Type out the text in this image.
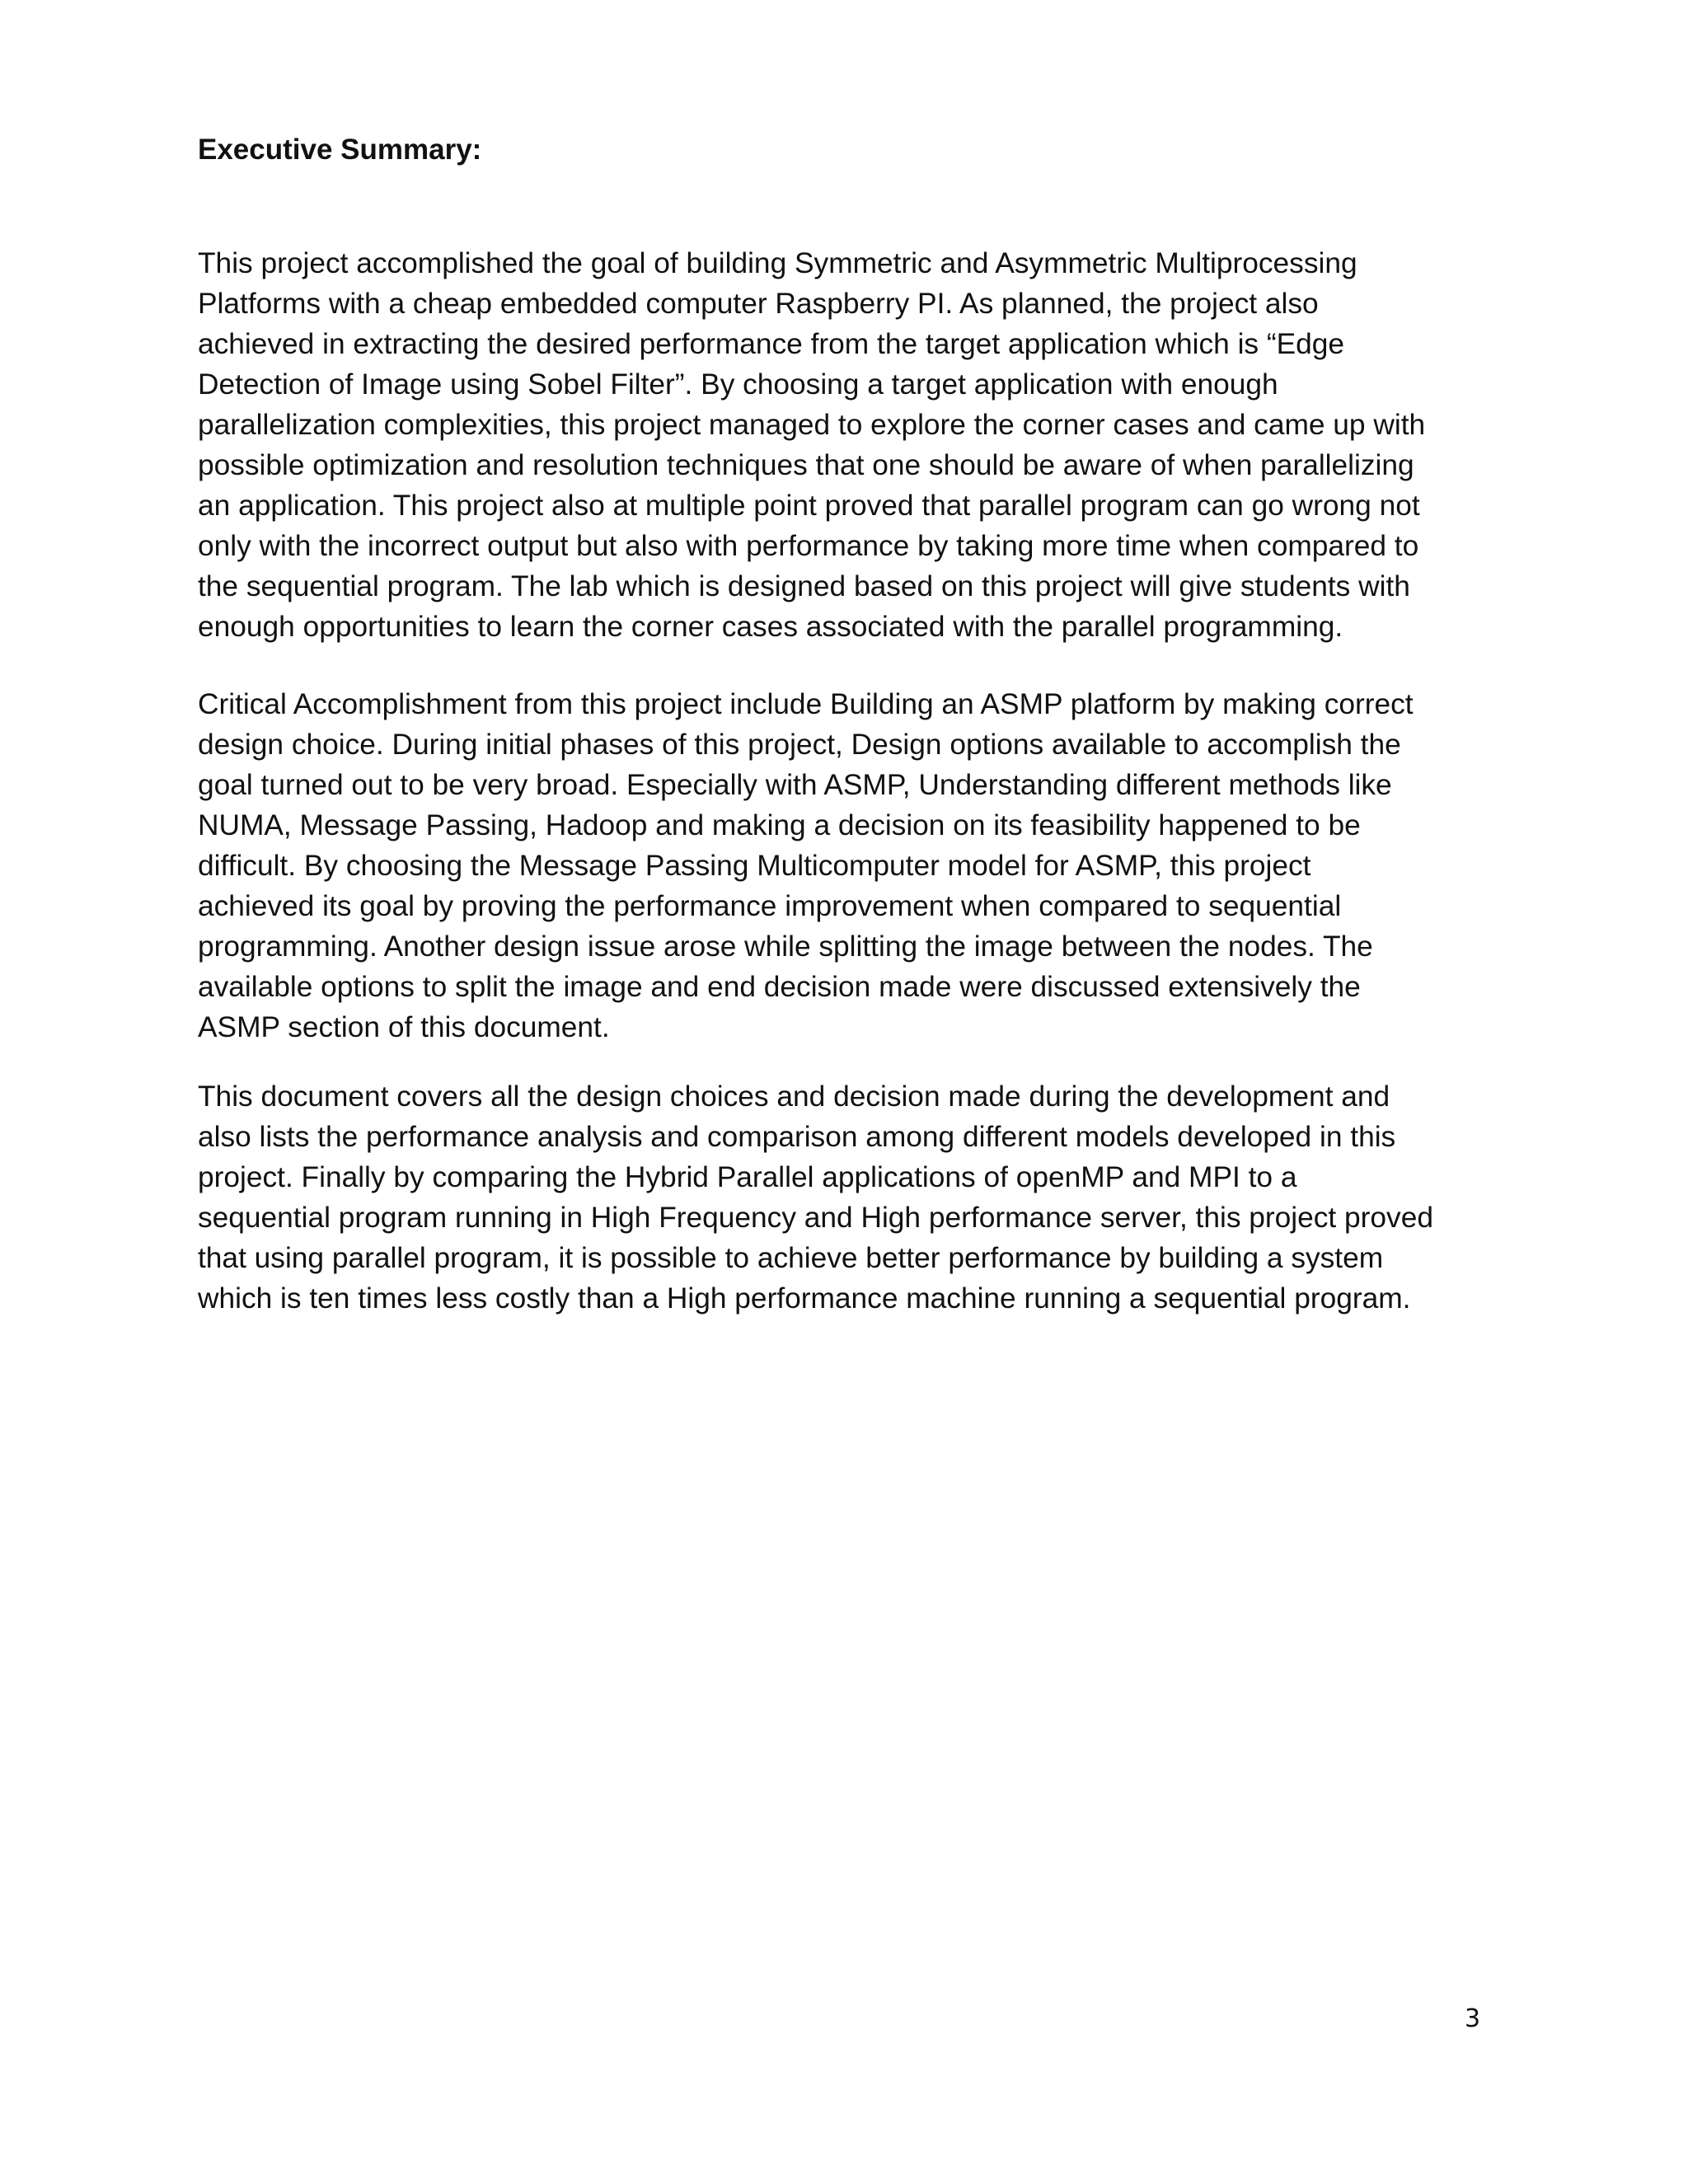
Executive Summary:

This project accomplished the goal of building Symmetric and Asymmetric Multiprocessing
Platforms with a cheap embedded computer Raspberry PI. As planned, the project also
achieved in extracting the desired performance from the target application which is “Edge
Detection of Image using Sobel Filter”. By choosing a target application with enough
parallelization complexities, this project managed to explore the corner cases and came up with
possible optimization and resolution techniques that one should be aware of when parallelizing
an application. This project also at multiple point proved that parallel program can go wrong not
only with the incorrect output but also with performance by taking more time when compared to
the sequential program. The lab which is designed based on this project will give students with
enough opportunities to learn the corner cases associated with the parallel programming.

Critical Accomplishment from this project include Building an ASMP platform by making correct
design choice. During initial phases of this project, Design options available to accomplish the
goal turned out to be very broad. Especially with ASMP, Understanding different methods like
NUMA, Message Passing, Hadoop and making a decision on its feasibility happened to be
difficult. By choosing the Message Passing Multicomputer model for ASMP, this project
achieved its goal by proving the performance improvement when compared to sequential
programming. Another design issue arose while splitting the image between the nodes. The
available options to split the image and end decision made were discussed extensively the
ASMP section of this document.

This document covers all the design choices and decision made during the development and
also lists the performance analysis and comparison among different models developed in this
project. Finally by comparing the Hybrid Parallel applications of openMP and MPI to a
sequential program running in High Frequency and High performance server, this project proved
that using parallel program, it is possible to achieve better performance by building a system
which is ten times less costly than a High performance machine running a sequential program.

3
